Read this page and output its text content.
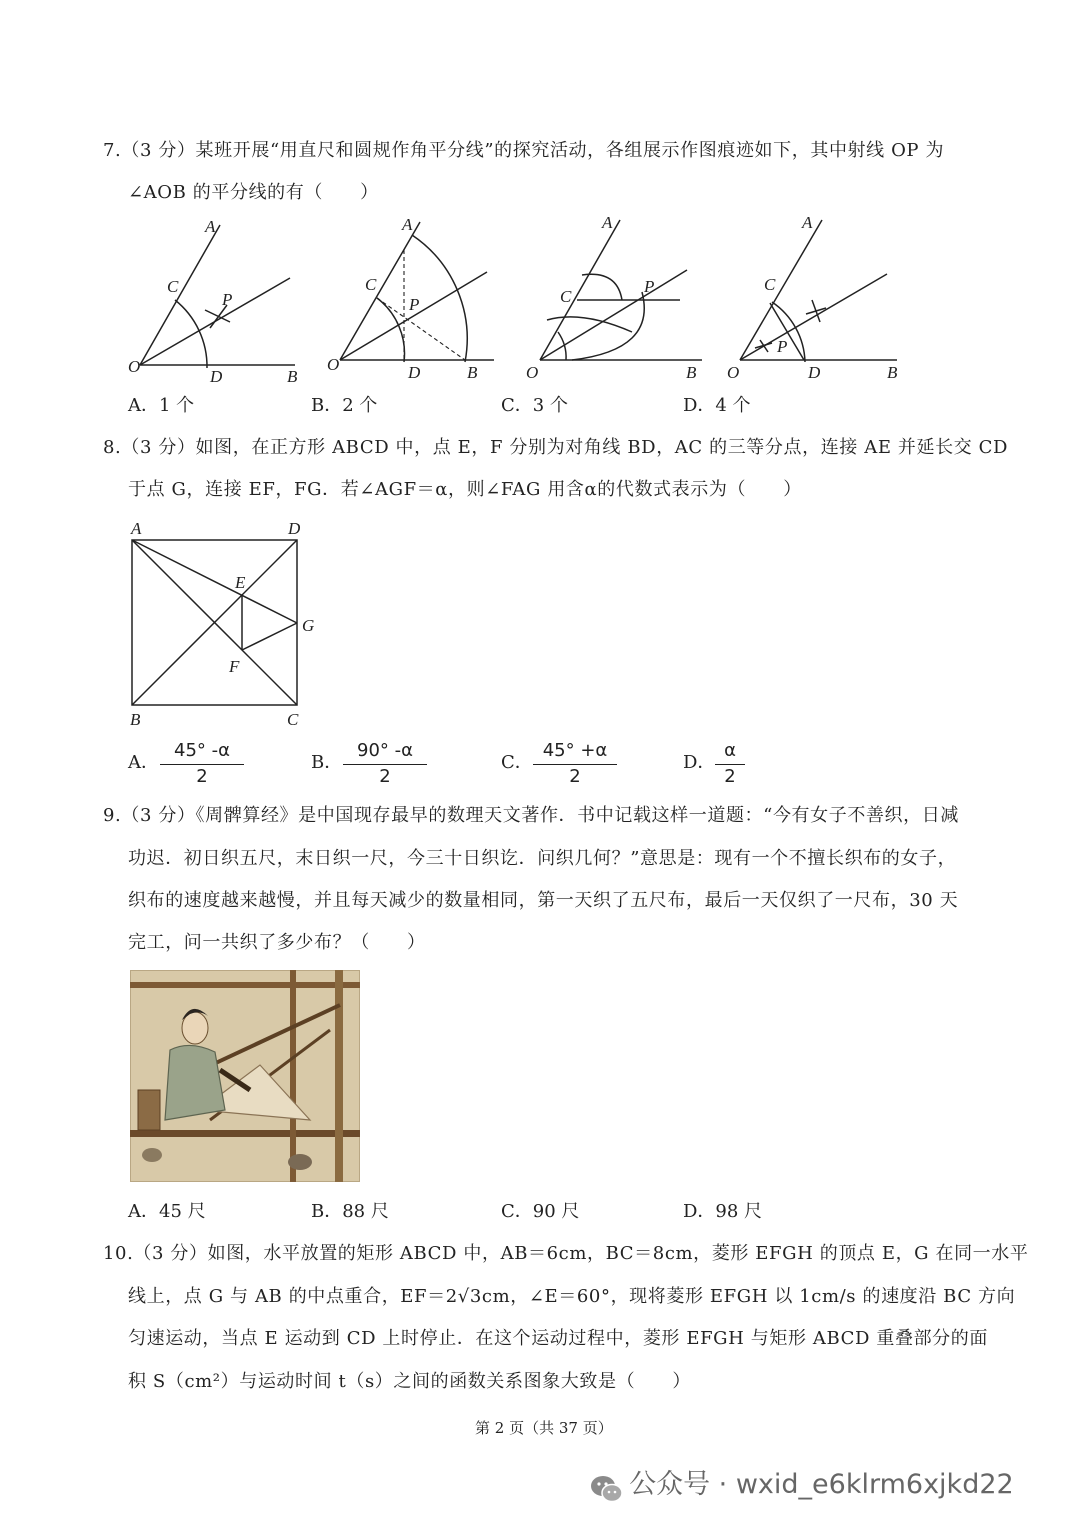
7.（3 分）某班开展“用直尺和圆规作角平分线”的探究活动，各组展示作图痕迹如下，其中射线 OP 为
∠AOB 的平分线的有（　　）
A
C
P
O
D	B
A
C
P
O	D	B
A
C
P
O	B
A
C
P
O	D	B
A．1 个	B．2 个	C．3 个	D．4 个
8.（3 分）如图，在正方形 ABCD 中，点 E，F 分别为对角线 BD，AC 的三等分点，连接 AE 并延长交 CD
于点 G，连接 EF，FG．若∠AGF＝α，则∠FAG 用含α的代数式表示为（　　）
A	D
E
G
F
B	C
A． $\frac{45^\circ -\alpha}{2}$	B． $\frac{90^\circ -\alpha}{2}$	C． $\frac{45^\circ +\alpha}{2}$	D． $\frac{\alpha}{2}$
9.（3 分）《周髀算经》是中国现存最早的数理天文著作．书中记载这样一道题：“今有女子不善织，日减
功迟．初日织五尺，末日织一尺，今三十日织讫．问织几何？”意思是：现有一个不擅长织布的女子，
织布的速度越来越慢，并且每天减少的数量相同，第一天织了五尺布，最后一天仅织了一尺布，30 天
完工，问一共织了多少布？（　　）
A．45 尺	B．88 尺	C．90 尺	D．98 尺
10.（3 分）如图，水平放置的矩形 ABCD 中，AB＝6cm，BC＝8cm，菱形 EFGH 的顶点 E，G 在同一水平
线上，点 G 与 AB 的中点重合，EF＝2√3cm，∠E＝60°，现将菱形 EFGH 以 1cm/s 的速度沿 BC 方向
匀速运动，当点 E 运动到 CD 上时停止．在这个运动过程中，菱形 EFGH 与矩形 ABCD 重叠部分的面
积 S（cm²）与运动时间 t（s）之间的函数关系图象大致是（　　）
第 2 页（共 37 页）
公众号 · wxid_e6klrm6xjkd22
